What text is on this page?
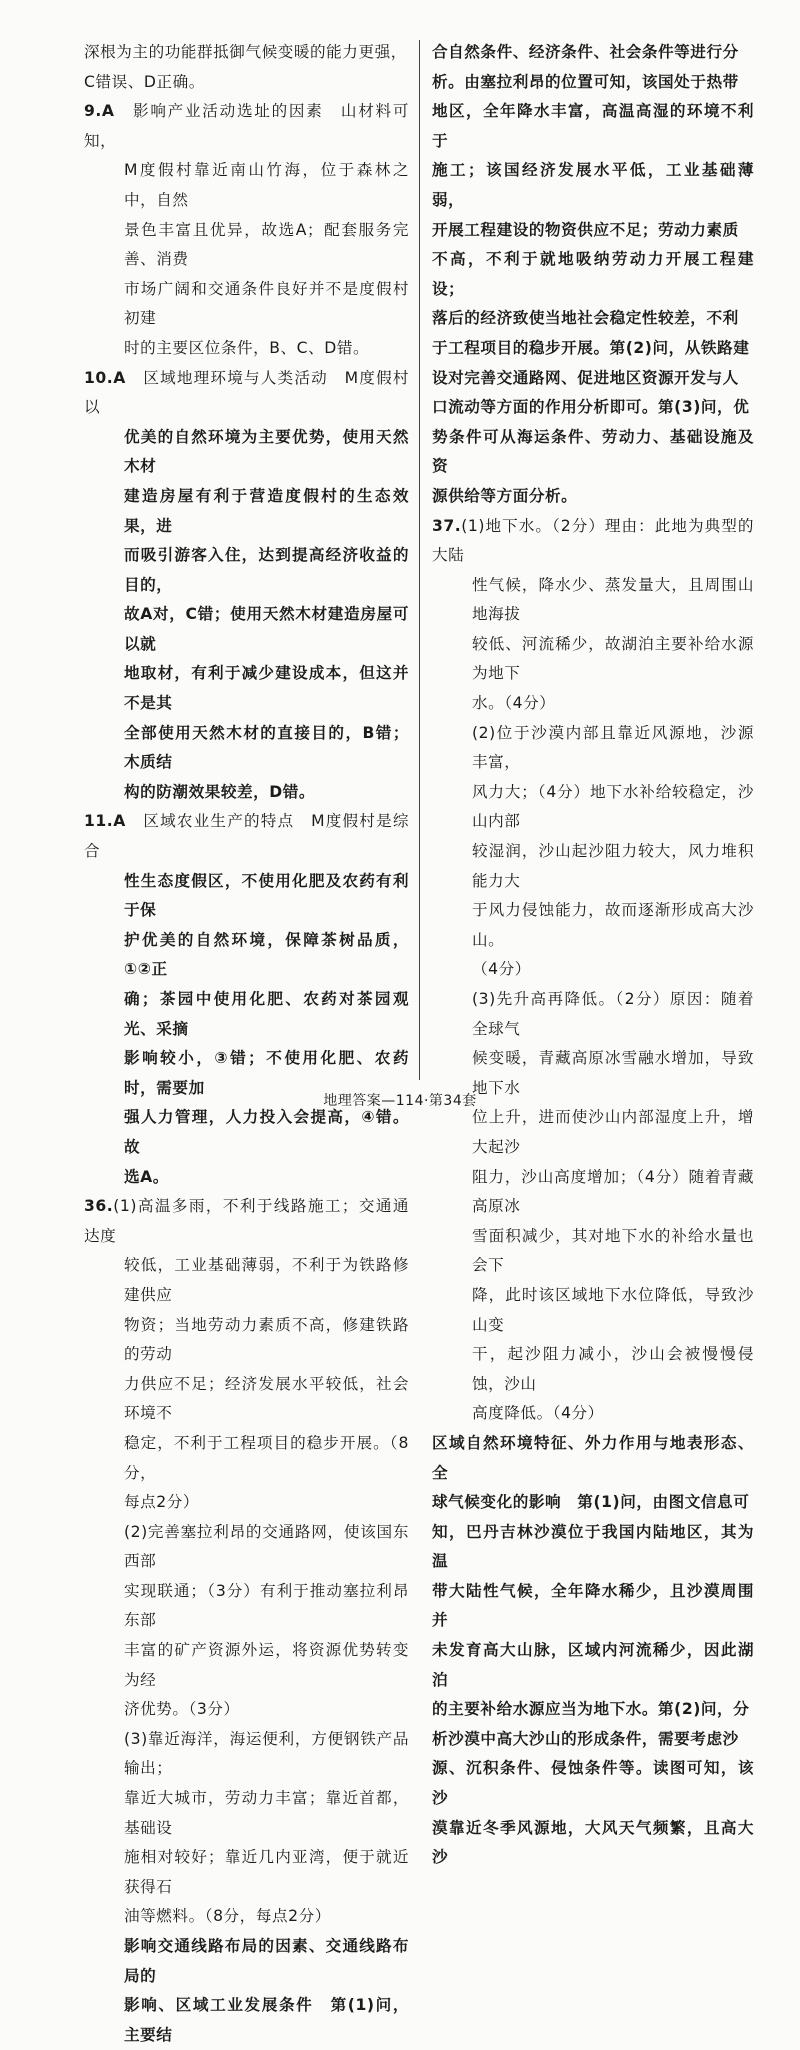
深根为主的功能群抵御气候变暖的能力更强，
C错误、D正确。
9.A　 影响产业活动选址的因素　山材料可知，
M度假村靠近南山竹海，位于森林之中，自然
景色丰富且优异，故选A；配套服务完善、消费
市场广阔和交通条件良好并不是度假村初建
时的主要区位条件，B、C、D错。
10.A　 区域地理环境与人类活动　M度假村以
优美的自然环境为主要优势，使用天然木材
建造房屋有利于营造度假村的生态效果，进
而吸引游客入住，达到提高经济收益的目的，
故A对，C错；使用天然木材建造房屋可以就
地取材，有利于减少建设成本，但这并不是其
全部使用天然木材的直接目的，B错；木质结
构的防潮效果较差，D错。
11.A　 区域农业生产的特点　M度假村是综合
性生态度假区，不使用化肥及农药有利于保
护优美的自然环境，保障茶树品质，①②正
确；茶园中使用化肥、农药对茶园观光、采摘
影响较小，③错；不使用化肥、农药时，需要加
强人力管理，人力投入会提高，④错。故
选A。
36.(1)高温多雨，不利于线路施工；交通通达度
较低，工业基础薄弱，不利于为铁路修建供应
物资；当地劳动力素质不高，修建铁路的劳动
力供应不足；经济发展水平较低，社会环境不
稳定，不利于工程项目的稳步开展。（8分，
每点2分）
(2)完善塞拉利昂的交通路网，使该国东西部
实现联通；（3分）有利于推动塞拉利昂东部
丰富的矿产资源外运，将资源优势转变为经
济优势。（3分）
(3)靠近海洋，海运便利，方便钢铁产品输出；
靠近大城市，劳动力丰富；靠近首都，基础设
施相对较好；靠近几内亚湾，便于就近获得石
油等燃料。（8分，每点2分）
影响交通线路布局的因素、交通线路布局的
影响、区域工业发展条件　第(1)问，主要结
合自然条件、经济条件、社会条件等进行分
析。由塞拉利昂的位置可知，该国处于热带
地区，全年降水丰富，高温高湿的环境不利于
施工；该国经济发展水平低，工业基础薄弱，
开展工程建设的物资供应不足；劳动力素质
不高，不利于就地吸纳劳动力开展工程建设；
落后的经济致使当地社会稳定性较差，不利
于工程项目的稳步开展。第(2)问，从铁路建
设对完善交通路网、促进地区资源开发与人
口流动等方面的作用分析即可。第(3)问，优
势条件可从海运条件、劳动力、基础设施及资
源供给等方面分析。
37.(1)地下水。（2分）理由：此地为典型的大陆
性气候，降水少、蒸发量大，且周围山地海拔
较低、河流稀少，故湖泊主要补给水源为地下
水。（4分）
(2)位于沙漠内部且靠近风源地，沙源丰富，
风力大；（4分）地下水补给较稳定，沙山内部
较湿润，沙山起沙阻力较大，风力堆积能力大
于风力侵蚀能力，故而逐渐形成高大沙山。
（4分）
(3)先升高再降低。（2分）原因：随着全球气
候变暖，青藏高原冰雪融水增加，导致地下水
位上升，进而使沙山内部湿度上升，增大起沙
阻力，沙山高度增加；（4分）随着青藏高原冰
雪面积减少，其对地下水的补给水量也会下
降，此时该区域地下水位降低，导致沙山变
干，起沙阻力减小，沙山会被慢慢侵蚀，沙山
高度降低。（4分）
区域自然环境特征、外力作用与地表形态、全
球气候变化的影响　第(1)问，由图文信息可
知，巴丹吉林沙漠位于我国内陆地区，其为温
带大陆性气候，全年降水稀少，且沙漠周围并
未发育高大山脉，区域内河流稀少，因此湖泊
的主要补给水源应当为地下水。第(2)问，分
析沙漠中高大沙山的形成条件，需要考虑沙
源、沉积条件、侵蚀条件等。读图可知，该沙
漠靠近冬季风源地，大风天气频繁，且高大沙
地理答案—114·第34套
